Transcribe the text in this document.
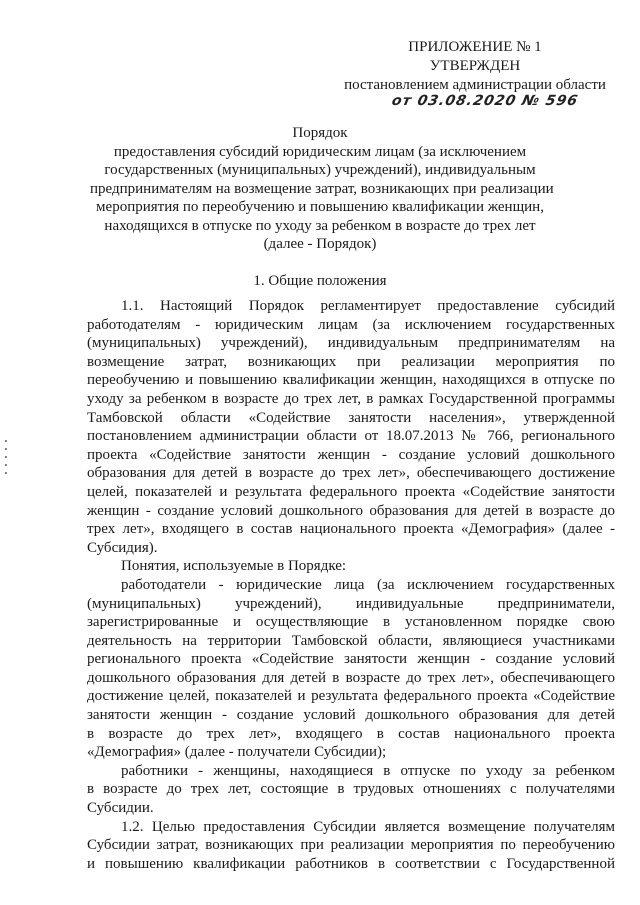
ПРИЛОЖЕНИЕ № 1
УТВЕРЖДЕН
постановлением администрации области
от 03.08.2020 № 596
Порядок
предоставления субсидий юридическим лицам (за исключением
государственных (муниципальных) учреждений), индивидуальным
предпринимателям на возмещение затрат, возникающих при реализации
мероприятия по переобучению и повышению квалификации женщин,
находящихся в отпуске по уходу за ребенком в возрасте до трех лет
(далее - Порядок)
1. Общие положения
1.1. Настоящий Порядок регламентирует предоставление субсидий
работодателям - юридическим лицам (за исключением государственных
(муниципальных) учреждений), индивидуальным предпринимателям на
возмещение затрат, возникающих при реализации мероприятия по
переобучению и повышению квалификации женщин, находящихся в отпуске по
уходу за ребенком в возрасте до трех лет, в рамках Государственной программы
Тамбовской области «Содействие занятости населения», утвержденной
постановлением администрации области от 18.07.2013 № 766, регионального
проекта «Содействие занятости женщин - создание условий дошкольного
образования для детей в возрасте до трех лет», обеспечивающего достижение
целей, показателей и результата федерального проекта «Содействие занятости
женщин - создание условий дошкольного образования для детей в возрасте до
трех лет», входящего в состав национального проекта «Демография» (далее -
Субсидия).
Понятия, используемые в Порядке:
работодатели - юридические лица (за исключением государственных
(муниципальных) учреждений), индивидуальные предприниматели,
зарегистрированные и осуществляющие в установленном порядке свою
деятельность на территории Тамбовской области, являющиеся участниками
регионального проекта «Содействие занятости женщин - создание условий
дошкольного образования для детей в возрасте до трех лет», обеспечивающего
достижение целей, показателей и результата федерального проекта «Содействие
занятости женщин - создание условий дошкольного образования для детей
в возрасте до трех лет», входящего в состав национального проекта
«Демография» (далее - получатели Субсидии);
работники - женщины, находящиеся в отпуске по уходу за ребенком
в возрасте до трех лет, состоящие в трудовых отношениях с получателями
Субсидии.
1.2. Целью предоставления Субсидии является возмещение получателям
Субсидии затрат, возникающих при реализации мероприятия по переобучению
и повышению квалификации работников в соответствии с Государственной
